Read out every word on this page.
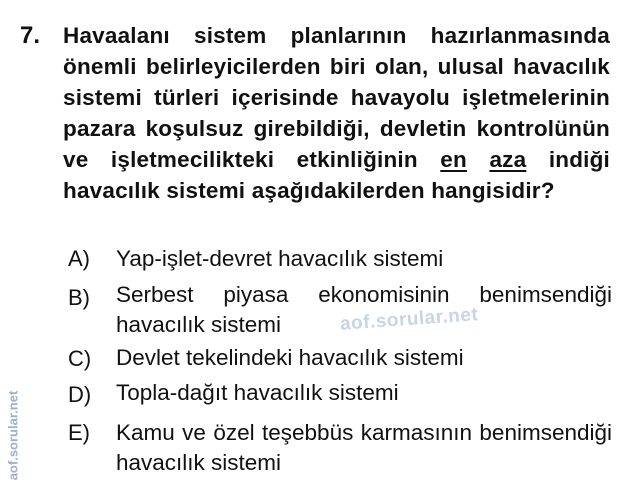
7. Havaalanı sistem planlarının hazırlanmasında önemli belirleyicilerden biri olan, ulusal havacılık sistemi türleri içerisinde havayolu işletmelerinin pazara koşulsuz girebildiği, devletin kontrolünün ve işletmecilikteki etkinliğinin en aza indiği havacılık sistemi aşağıdakilerden hangisidir?
A) Yap-işlet-devret havacılık sistemi
B) Serbest piyasa ekonomisinin benimsendiği havacılık sistemi
C) Devlet tekelindeki havacılık sistemi
D) Topla-dağıt havacılık sistemi
E) Kamu ve özel teşebbüs karmasının benimsendiği havacılık sistemi
aof.sorular.net
aof.sorular.net
